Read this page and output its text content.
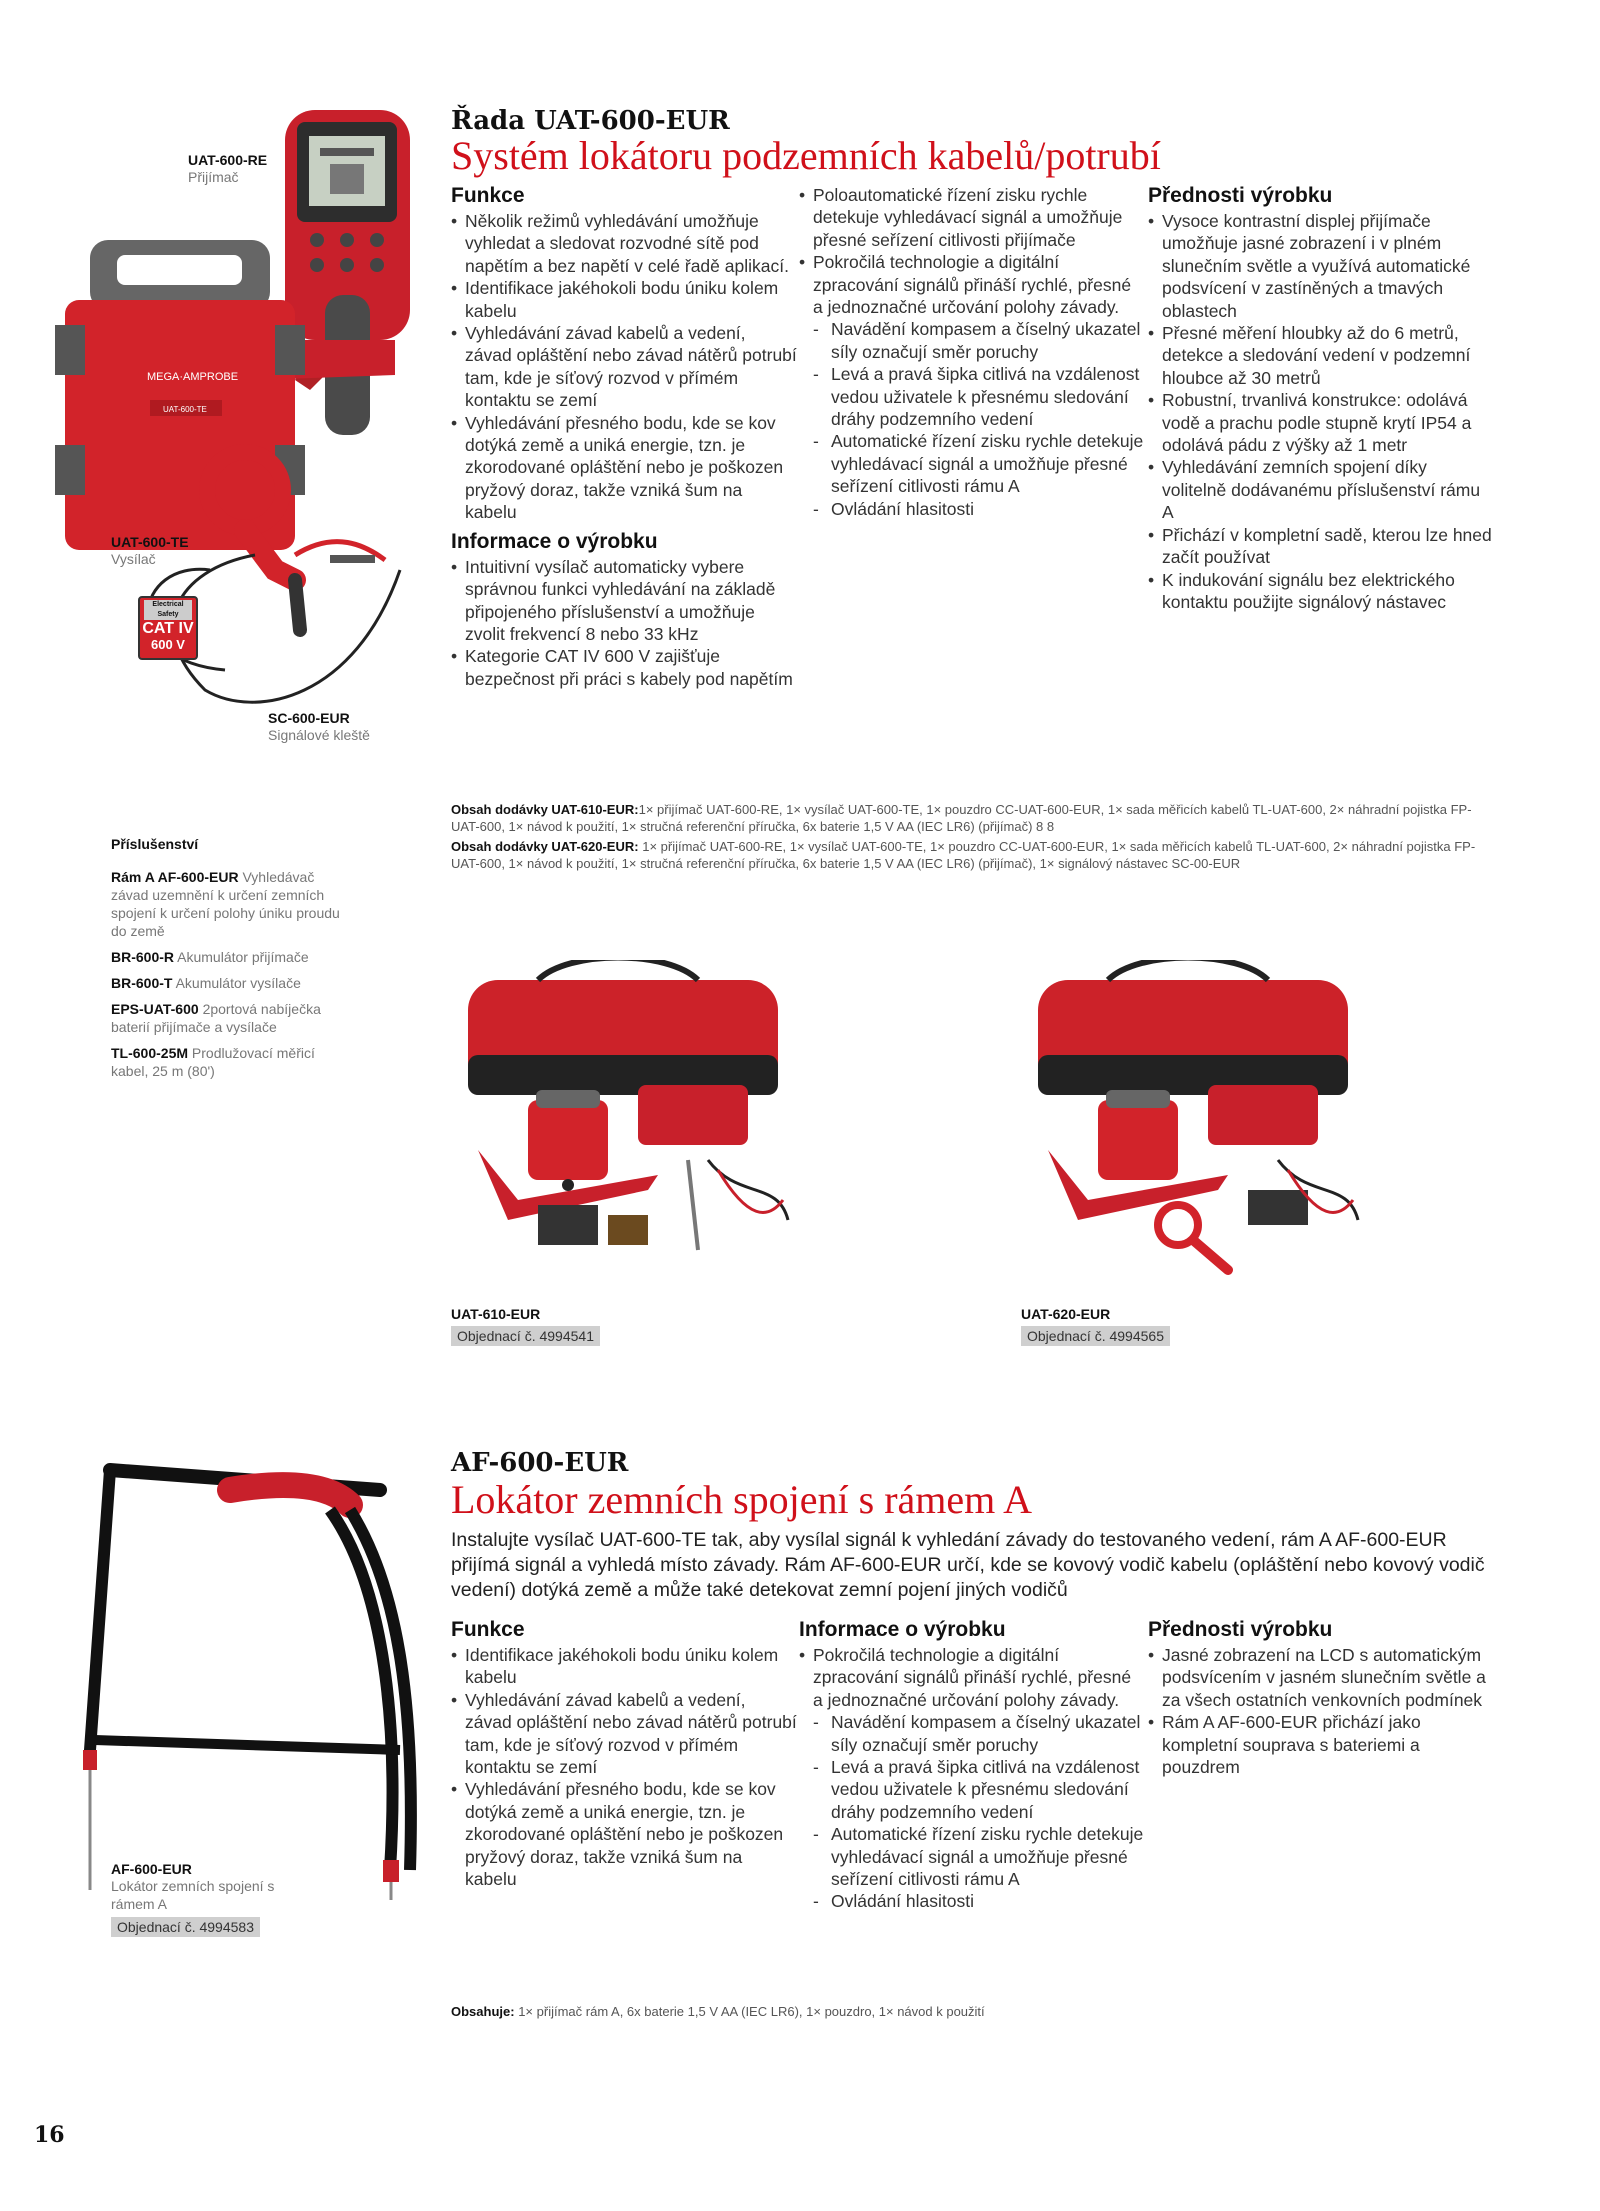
MEGA·AMPROBE
UAT-600-TE
UAT-600-RE
Přijímač
UAT-600-TE
Vysílač
SC-600-EUR
Signálové kleště
Electrical Safety
CAT IV
600 V
Řada UAT-600-EUR
Systém lokátoru podzemních kabelů/potrubí
Funkce
• Několik režimů vyhledávání umožňuje vyhledat a sledovat rozvodné sítě pod napětím a bez napětí v celé řadě aplikací.
• Identifikace jakéhokoli bodu úniku kolem kabelu
• Vyhledávání závad kabelů a vedení, závad opláštění nebo závad nátěrů potrubí tam, kde je síťový rozvod v přímém kontaktu se zemí
• Vyhledávání přesného bodu, kde se kov dotýká země a uniká energie, tzn. je zkorodované opláštění nebo je poškozen pryžový doraz, takže vzniká šum na kabelu
Informace o výrobku
• Intuitivní vysílač automaticky vybere správnou funkci vyhledávání na základě připojeného příslušenství a umožňuje zvolit frekvencí 8 nebo 33 kHz
• Kategorie CAT IV 600 V zajišťuje bezpečnost při práci s kabely pod napětím
• Poloautomatické řízení zisku rychle detekuje vyhledávací signál a umožňuje přesné seřízení citlivosti přijímače
• Pokročilá technologie a digitální zpracování signálů přináší rychlé, přesné a jednoznačné určování polohy závady.
- Navádění kompasem a číselný ukazatel síly označují směr poruchy
- Levá a pravá šipka citlivá na vzdálenost vedou uživatele k přesnému sledování dráhy podzemního vedení
- Automatické řízení zisku rychle detekuje vyhledávací signál a umožňuje přesné seřízení citlivosti rámu A
- Ovládání hlasitosti
Přednosti výrobku
• Vysoce kontrastní displej přijímače umožňuje jasné zobrazení i v plném slunečním světle a využívá automatické podsvícení v zastíněných a tmavých oblastech
• Přesné měření hloubky až do 6 metrů, detekce a sledování vedení v podzemní hloubce až 30 metrů
• Robustní, trvanlivá konstrukce: odolává vodě a prachu podle stupně krytí IP54 a odolává pádu z výšky až 1 metr
• Vyhledávání zemních spojení díky volitelně dodávanému příslušenství rámu A
• Přichází v kompletní sadě, kterou lze hned začít používat
• K indukování signálu bez elektrického kontaktu použijte signálový nástavec
Příslušenství
Rám A AF-600-EUR Vyhledávač závad uzemnění k určení zemních spojení k určení polohy úniku proudu do země
BR-600-R Akumulátor přijímače
BR-600-T Akumulátor vysílače
EPS-UAT-600 2portová nabíječka baterií přijímače a vysílače
TL-600-25M Prodlužovací měřicí kabel, 25 m (80')
Obsah dodávky UAT-610-EUR:1× přijímač UAT-600-RE, 1× vysílač UAT-600-TE, 1× pouzdro CC-UAT-600-EUR, 1× sada měřicích kabelů TL-UAT-600, 2× náhradní pojistka FP-UAT-600, 1× návod k použití, 1× stručná referenční příručka, 6x baterie 1,5 V AA (IEC LR6) (přijímač) 8 8
Obsah dodávky UAT-620-EUR: 1× přijímač UAT-600-RE, 1× vysílač UAT-600-TE, 1× pouzdro CC-UAT-600-EUR, 1× sada měřicích kabelů TL-UAT-600, 2× náhradní pojistka FP-UAT-600, 1× návod k použití, 1× stručná referenční příručka, 6x baterie 1,5 V AA (IEC LR6) (přijímač), 1× signálový nástavec SC-00-EUR
UAT-610-EUR
Objednací č. 4994541
UAT-620-EUR
Objednací č. 4994565
AF-600-EUR
Lokátor zemních spojení s rámem A
Objednací č. 4994583
AF-600-EUR
Lokátor zemních spojení s rámem A
Instalujte vysílač UAT-600-TE tak, aby vysílal signál k vyhledání závady do testovaného vedení, rám A AF-600-EUR přijímá signál a vyhledá místo závady. Rám AF-600-EUR určí, kde se kovový vodič kabelu (opláštění nebo kovový vodič vedení) dotýká země a může také detekovat zemní pojení jiných vodičů
Funkce
• Identifikace jakéhokoli bodu úniku kolem kabelu
• Vyhledávání závad kabelů a vedení, závad opláštění nebo závad nátěrů potrubí tam, kde je síťový rozvod v přímém kontaktu se zemí
• Vyhledávání přesného bodu, kde se kov dotýká země a uniká energie, tzn. je zkorodované opláštění nebo je poškozen pryžový doraz, takže vzniká šum na kabelu
Informace o výrobku
• Pokročilá technologie a digitální zpracování signálů přináší rychlé, přesné a jednoznačné určování polohy závady.
- Navádění kompasem a číselný ukazatel síly označují směr poruchy
- Levá a pravá šipka citlivá na vzdálenost vedou uživatele k přesnému sledování dráhy podzemního vedení
- Automatické řízení zisku rychle detekuje vyhledávací signál a umožňuje přesné seřízení citlivosti rámu A
- Ovládání hlasitosti
Přednosti výrobku
• Jasné zobrazení na LCD s automatickým podsvícením v jasném slunečním světle a za všech ostatních venkovních podmínek
• Rám A AF-600-EUR přichází jako kompletní souprava s bateriemi a pouzdrem
Obsahuje: 1× přijímač rám A, 6x baterie 1,5 V AA (IEC LR6), 1× pouzdro, 1× návod k použití
16
